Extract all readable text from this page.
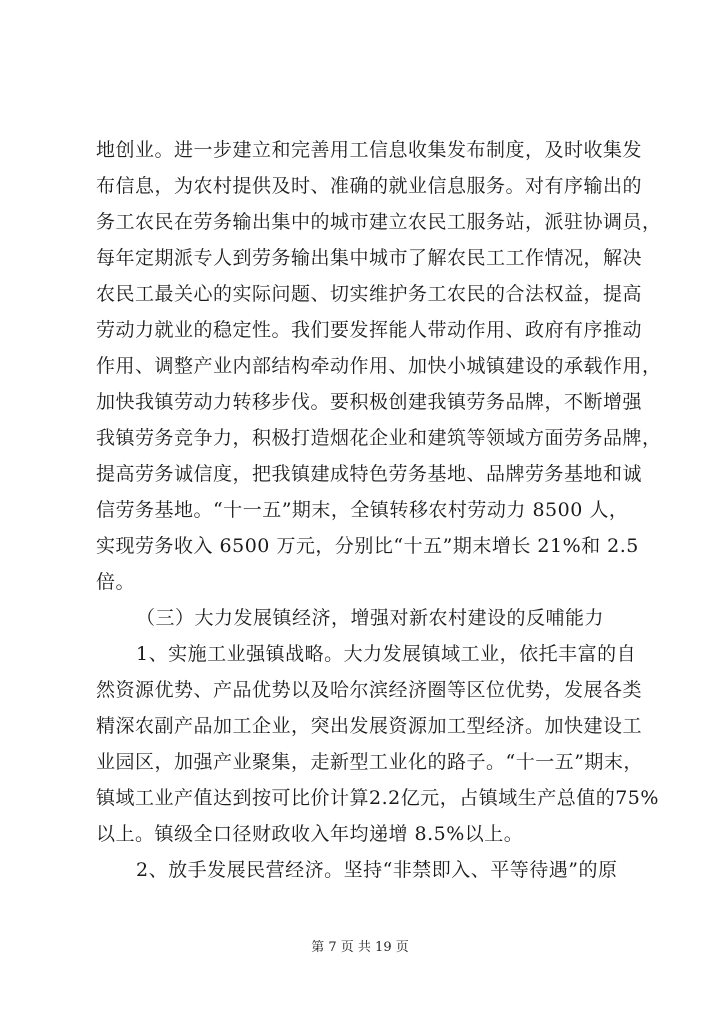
地创业。进一步建立和完善用工信息收集发布制度，及时收集发
布信息，为农村提供及时、准确的就业信息服务。对有序输出的
务工农民在劳务输出集中的城市建立农民工服务站，派驻协调员，
每年定期派专人到劳务输出集中城市了解农民工工作情况，解决
农民工最关心的实际问题、切实维护务工农民的合法权益，提高
劳动力就业的稳定性。我们要发挥能人带动作用、政府有序推动
作用、调整产业内部结构牵动作用、加快小城镇建设的承载作用，
加快我镇劳动力转移步伐。要积极创建我镇劳务品牌，不断增强
我镇劳务竞争力，积极打造烟花企业和建筑等领域方面劳务品牌，
提高劳务诚信度，把我镇建成特色劳务基地、品牌劳务基地和诚
信劳务基地。“十一五”期末，全镇转移农村劳动力 8500 人，
实现劳务收入 6500 万元，分别比“十五”期末增长 21%和 2.5
倍。
（三）大力发展镇经济，增强对新农村建设的反哺能力
1、实施工业强镇战略。大力发展镇域工业，依托丰富的自
然资源优势、产品优势以及哈尔滨经济圈等区位优势，发展各类
精深农副产品加工企业，突出发展资源加工型经济。加快建设工
业园区，加强产业聚集，走新型工业化的路子。“十一五”期末，
镇域工业产值达到按可比价计算2.2亿元，占镇域生产总值的75%
以上。镇级全口径财政收入年均递增 8.5%以上。
2、放手发展民营经济。坚持“非禁即入、平等待遇”的原
第 7 页 共 19 页
